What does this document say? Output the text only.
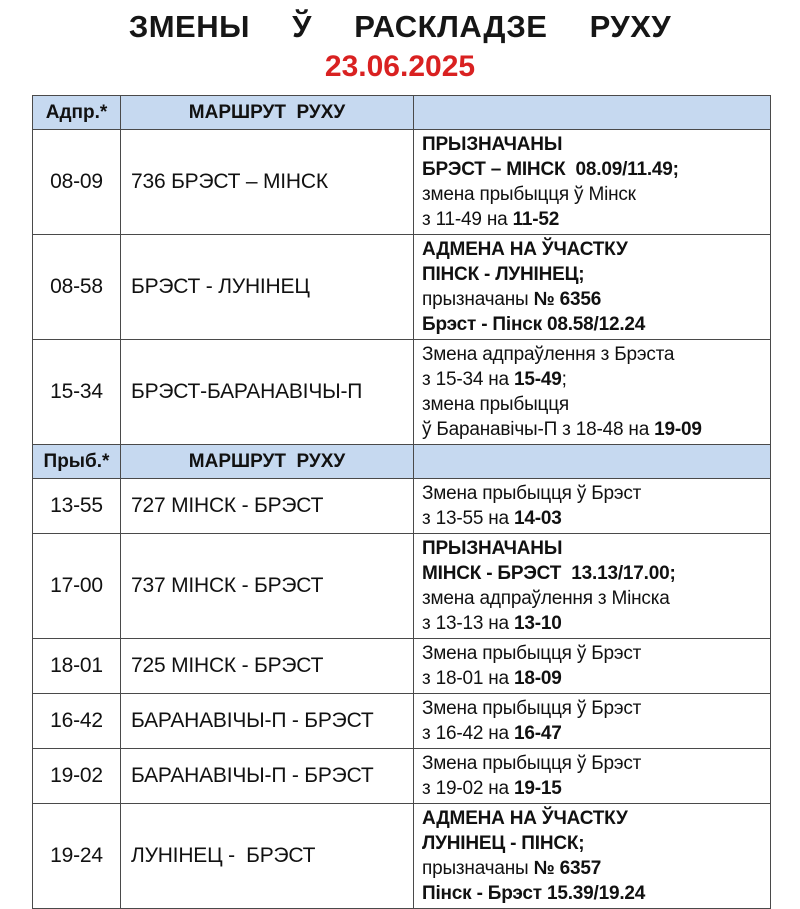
ЗМЕНЫ  Ў  РАСКЛАДЗЕ  РУХУ
23.06.2025
Адпр.*	МАРШРУТ  РУХУ	
08-09	736 БРЭСТ – МІНСК	ПРЫЗНАЧАНЫ
БРЭСТ – МІНСК  08.09/11.49;
змена прыбыцця ў Мінск
з 11-49 на 11-52

08-58	БРЭСТ - ЛУНІНЕЦ	АДМЕНА НА ЎЧАСТКУ
ПІНСК - ЛУНІНЕЦ;
прызначаны № 6356
Брэст - Пінск 08.58/12.24

15-34	БРЭСТ-БАРАНАВІЧЫ-П	Змена адпраўлення з Брэста
з 15-34 на 15-49;
змена прыбыцця
ў Баранавічы-П з 18-48 на 19-09

Прыб.*	МАРШРУТ  РУХУ	
13-55	727 МІНСК - БРЭСТ	Змена прыбыцця ў Брэст
з 13-55 на 14-03

17-00	737 МІНСК - БРЭСТ	ПРЫЗНАЧАНЫ
МІНСК - БРЭСТ  13.13/17.00;
змена адпраўлення з Мінска
з 13-13 на 13-10

18-01	725 МІНСК - БРЭСТ	Змена прыбыцця ў Брэст
з 18-01 на 18-09

16-42	БАРАНАВІЧЫ-П - БРЭСТ	Змена прыбыцця ў Брэст
з 16-42 на 16-47

19-02	БАРАНАВІЧЫ-П - БРЭСТ	Змена прыбыцця ў Брэст
з 19-02 на 19-15

19-24	ЛУНІНЕЦ -  БРЭСТ	АДМЕНА НА ЎЧАСТКУ
ЛУНІНЕЦ - ПІНСК;
прызначаны № 6357
Пінск - Брэст 15.39/19.24
